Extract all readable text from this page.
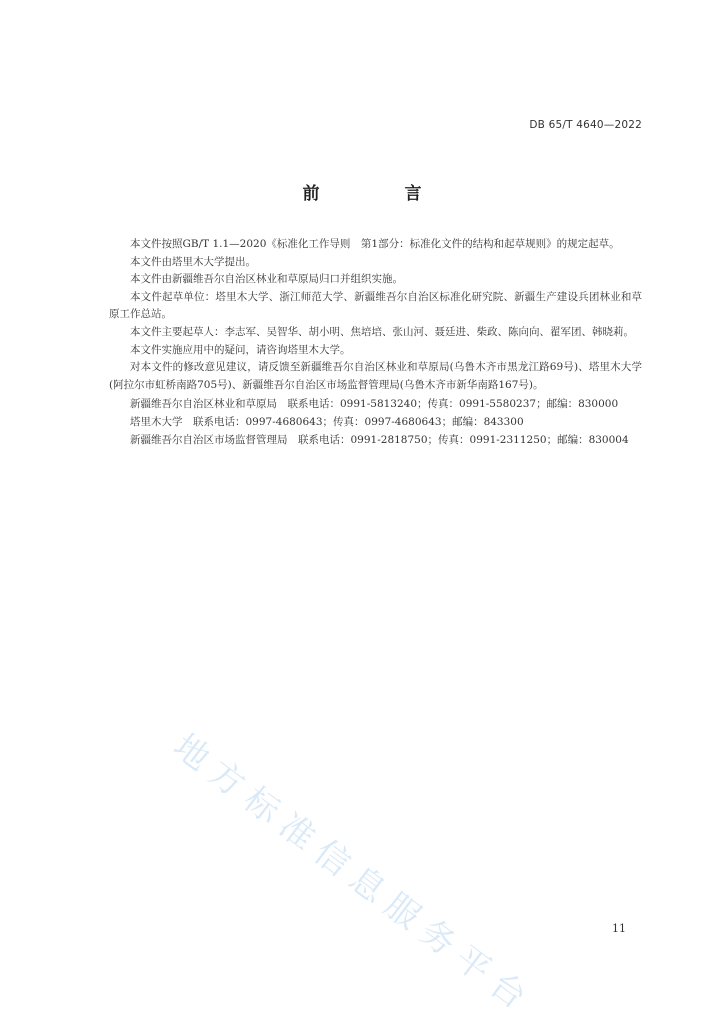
DB 65/T 4640—2022
前　言

本文件按照GB/T 1.1—2020《标准化工作导则　第1部分：标准化文件的结构和起草规则》的规定起草。

本文件由塔里木大学提出。

本文件由新疆维吾尔自治区林业和草原局归口并组织实施。

本文件起草单位：塔里木大学、浙江师范大学、新疆维吾尔自治区标准化研究院、新疆生产建设兵团林业和草原工作总站。

本文件主要起草人：李志军、吴智华、胡小明、焦培培、张山河、聂廷进、柴政、陈向向、翟军团、韩晓莉。

本文件实施应用中的疑问，请咨询塔里木大学。

对本文件的修改意见建议，请反馈至新疆维吾尔自治区林业和草原局(乌鲁木齐市黑龙江路69号)、塔里木大学(阿拉尔市虹桥南路705号)、新疆维吾尔自治区市场监督管理局(乌鲁木齐市新华南路167号)。

新疆维吾尔自治区林业和草原局　联系电话：0991-5813240；传真：0991-5580237；邮编：830000

塔里木大学　联系电话：0997-4680643；传真：0997-4680643；邮编：843300

新疆维吾尔自治区市场监督管理局　联系电话：0991-2818750；传真：0991-2311250；邮编：830004

地方标准信息服务平台	11
